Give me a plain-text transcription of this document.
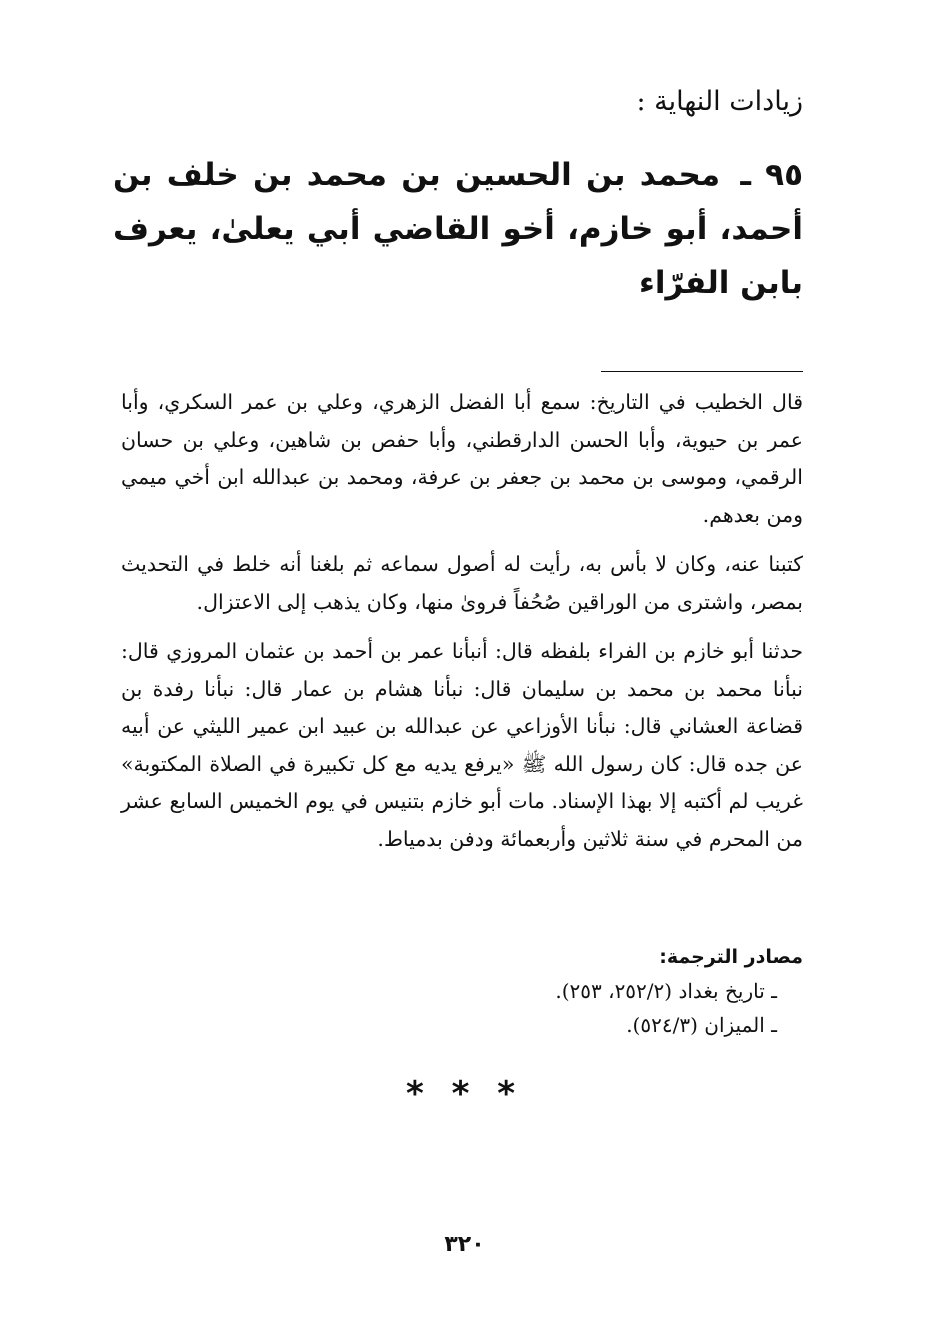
زيادات النهاية :
٩٥ ـ محمد بن الحسين بن محمد بن خلف بن أحمد، أبو خازم، أخو القاضي أبي يعلىٰ، يعرف بابن الفرّاء

قال الخطيب في التاريخ: سمع أبا الفضل الزهري، وعلي بن عمر السكري، وأبا عمر بن حيوية، وأبا الحسن الدارقطني، وأبا حفص بن شاهين، وعلي بن حسان الرقمي، وموسى بن محمد بن جعفر بن عرفة، ومحمد بن عبدالله ابن أخي ميمي ومن بعدهم.

كتبنا عنه، وكان لا بأس به، رأيت له أصول سماعه ثم بلغنا أنه خلط في التحديث بمصر، واشترى من الوراقين صُحُفاً فروىٰ منها، وكان يذهب إلى الاعتزال.

حدثنا أبو خازم بن الفراء بلفظه قال: أنبأنا عمر بن أحمد بن عثمان المروزي قال: نبأنا محمد بن محمد بن سليمان قال: نبأنا هشام بن عمار قال: نبأنا رفدة بن قضاعة العشاني قال: نبأنا الأوزاعي عن عبدالله بن عبيد ابن عمير الليثي عن أبيه عن جده قال: كان رسول الله ﷺ «يرفع يديه مع كل تكبيرة في الصلاة المكتوبة» غريب لم أكتبه إلا بهذا الإسناد. مات أبو خازم بتنيس في يوم الخميس السابع عشر من المحرم في سنة ثلاثين وأربعمائة ودفن بدمياط.

مصادر الترجمة:
ـ تاريخ بغداد (٢٥٢/٢، ٢٥٣).
ـ الميزان (٥٢٤/٣).
* * *
٣٢٠
